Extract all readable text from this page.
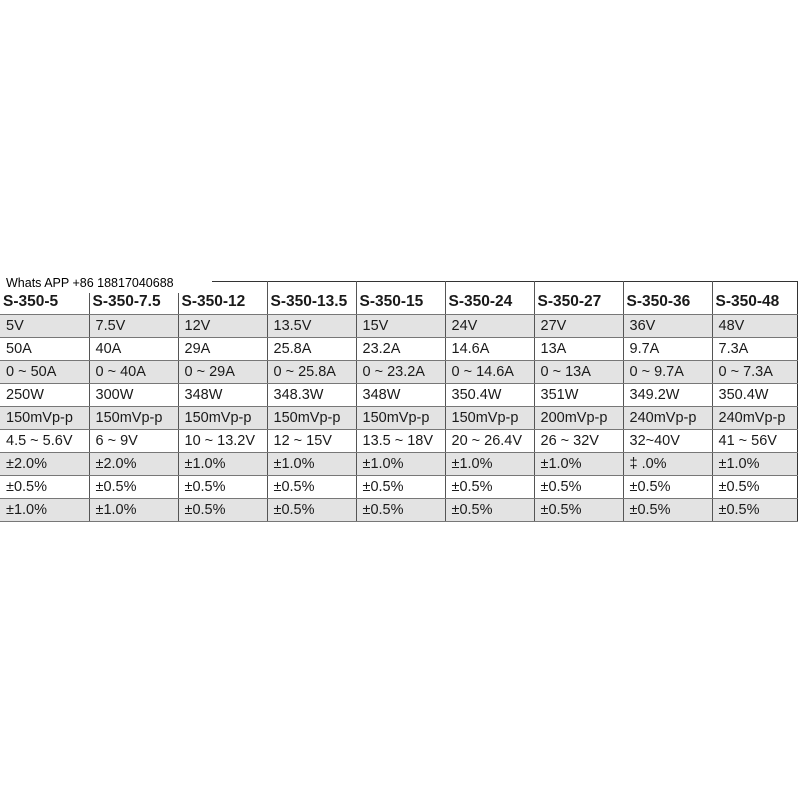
S-350-5	S-350-7.5	S-350-12	S-350-13.5	S-350-15	S-350-24	S-350-27	S-350-36	S-350-48
5V	7.5V	12V	13.5V	15V	24V	27V	36V	48V
50A	40A	29A	25.8A	23.2A	14.6A	13A	9.7A	7.3A
0 ~ 50A	0 ~ 40A	0 ~ 29A	0 ~ 25.8A	0 ~ 23.2A	0 ~ 14.6A	0 ~ 13A	0 ~ 9.7A	0 ~ 7.3A
250W	300W	348W	348.3W	348W	350.4W	351W	349.2W	350.4W
150mVp-p	150mVp-p	150mVp-p	150mVp-p	150mVp-p	150mVp-p	200mVp-p	240mVp-p	240mVp-p
4.5 ~ 5.6V	6 ~ 9V	10 ~ 13.2V	12 ~ 15V	13.5 ~ 18V	20 ~ 26.4V	26 ~ 32V	32~40V	41 ~ 56V
±2.0%	±2.0%	±1.0%	±1.0%	±1.0%	±1.0%	±1.0%	‡ .0%	±1.0%
±0.5%	±0.5%	±0.5%	±0.5%	±0.5%	±0.5%	±0.5%	±0.5%	±0.5%
±1.0%	±1.0%	±0.5%	±0.5%	±0.5%	±0.5%	±0.5%	±0.5%	±0.5%
Whats APP +86 18817040688
